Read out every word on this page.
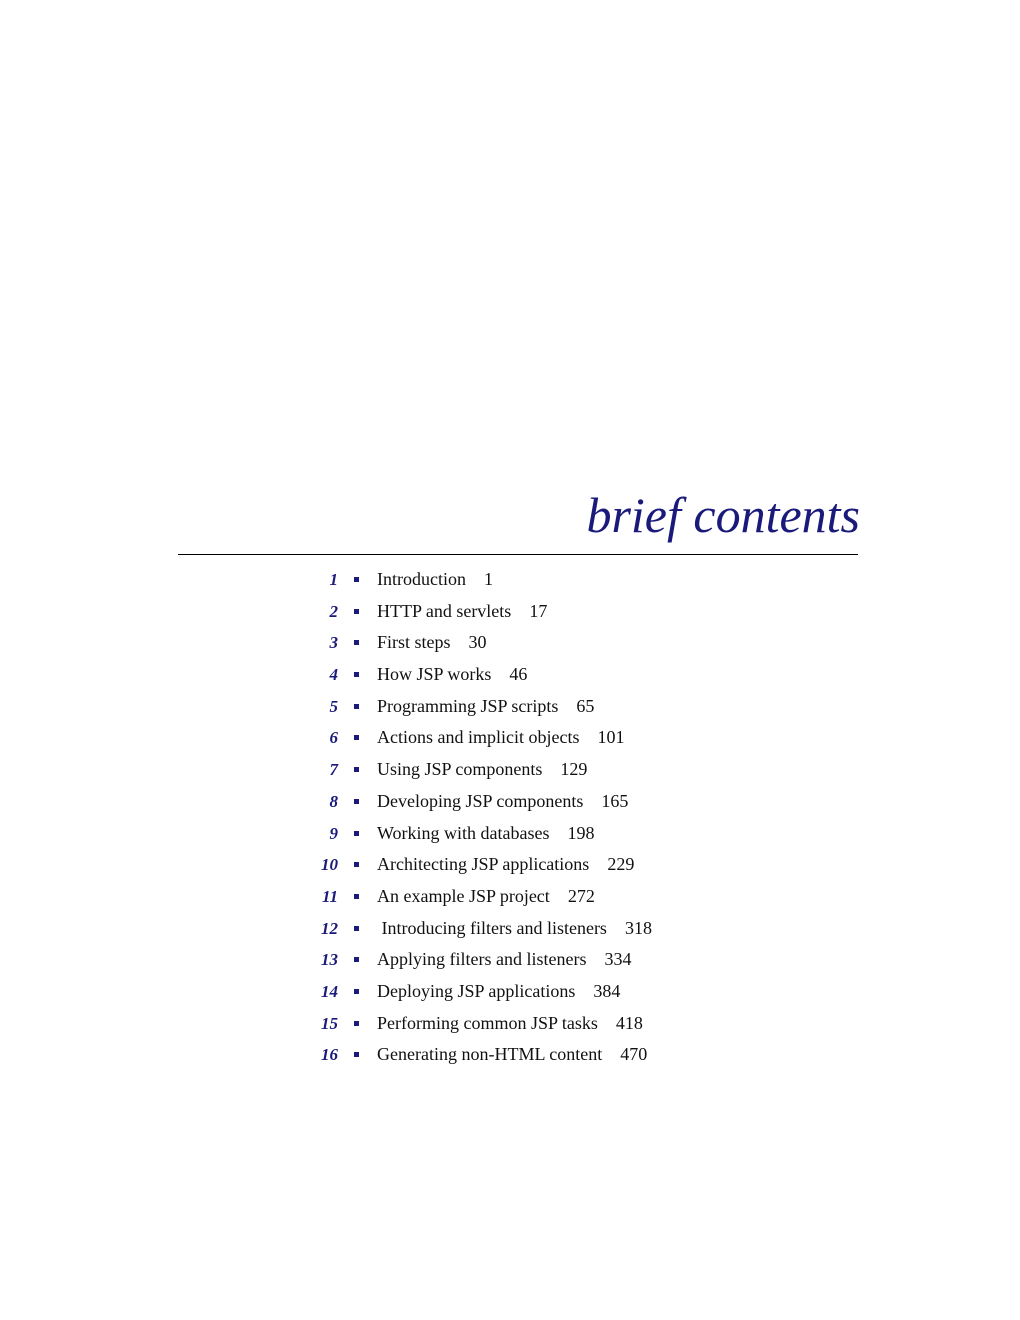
brief contents
1 Introduction 1
2 HTTP and servlets 17
3 First steps 30
4 How JSP works 46
5 Programming JSP scripts 65
6 Actions and implicit objects 101
7 Using JSP components 129
8 Developing JSP components 165
9 Working with databases 198
10 Architecting JSP applications 229
11 An example JSP project 272
12 Introducing filters and listeners 318
13 Applying filters and listeners 334
14 Deploying JSP applications 384
15 Performing common JSP tasks 418
16 Generating non-HTML content 470
